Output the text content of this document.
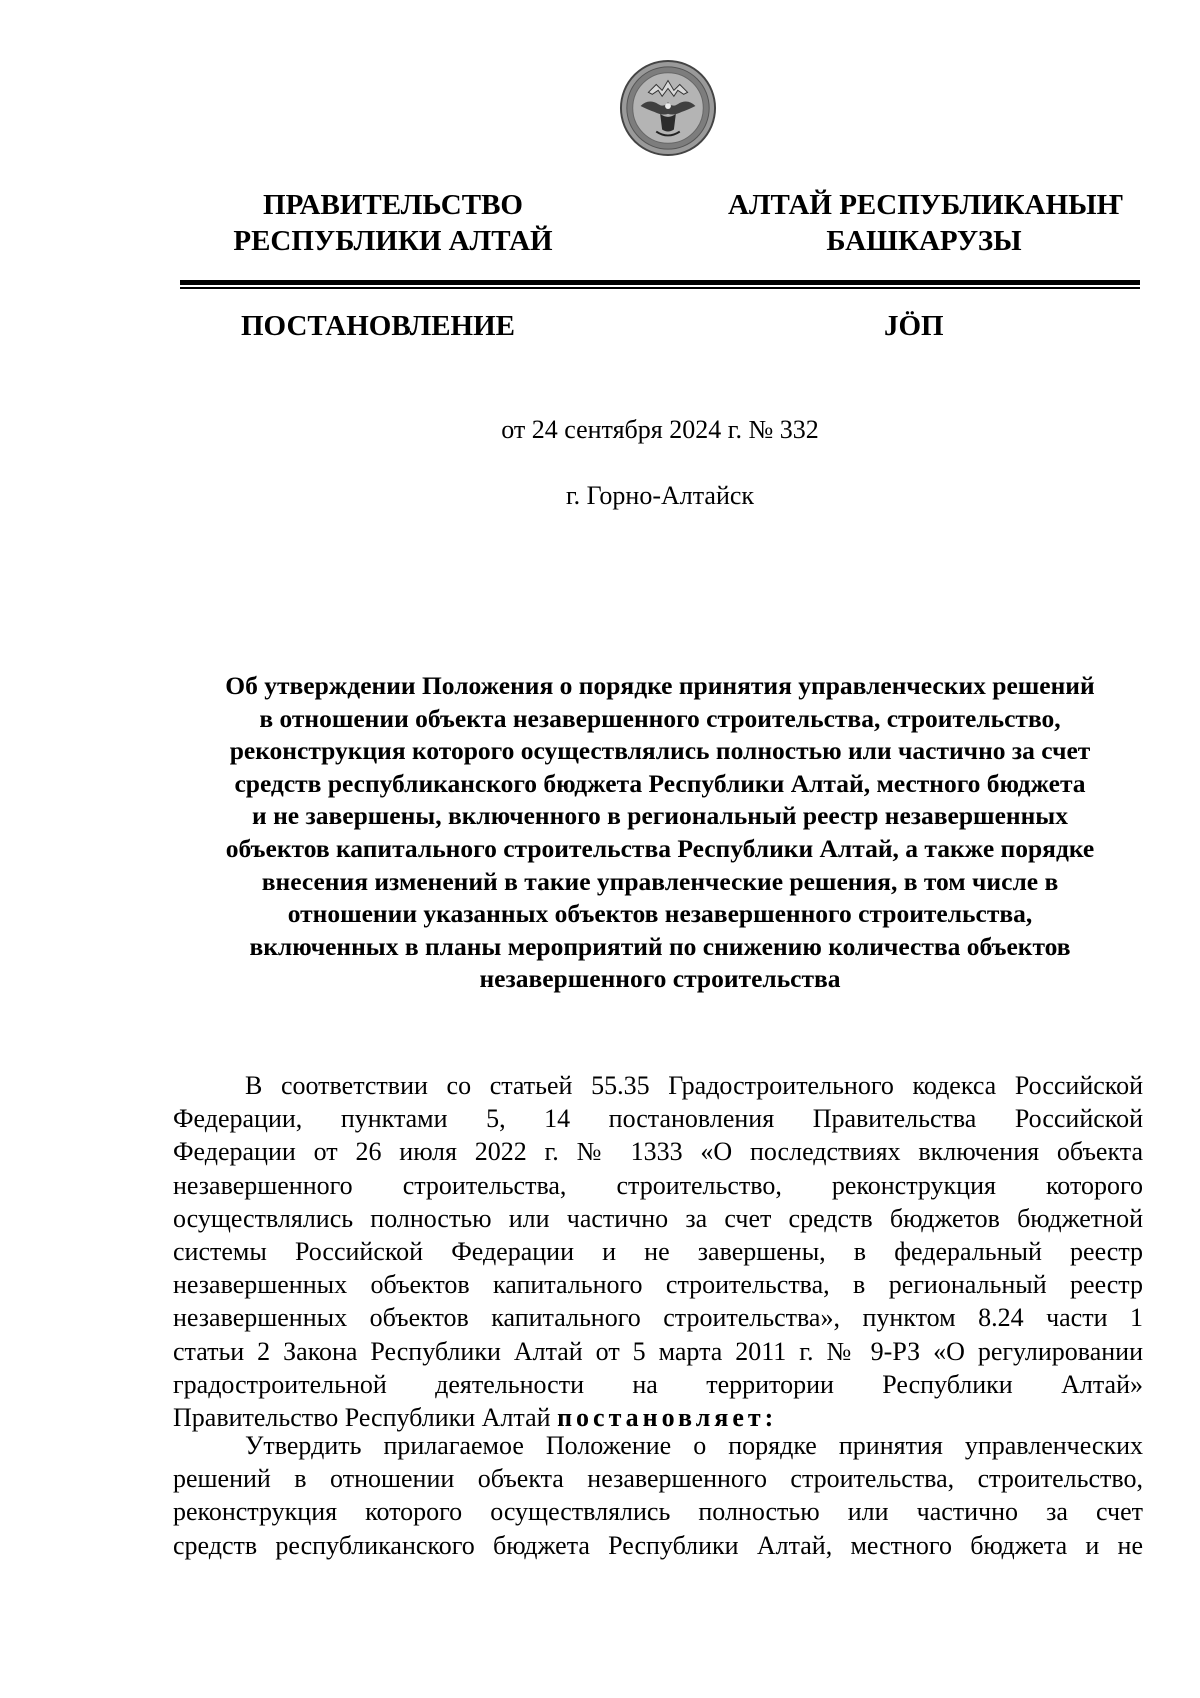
ПРАВИТЕЛЬСТВО
РЕСПУБЛИКИ АЛТАЙ
АЛТАЙ РЕСПУБЛИКАНЫҤ
БАШКАРУЗЫ
ПОСТАНОВЛЕНИЕ	JÖП
от 24 сентября 2024 г. № 332
г. Горно-Алтайск
Об утверждении Положения о порядке принятия управленческих решений
в отношении объекта незавершенного строительства, строительство,
реконструкция которого осуществлялись полностью или частично за счет
средств республиканского бюджета Республики Алтай, местного бюджета
и не завершены, включенного в региональный реестр незавершенных
объектов капитального строительства Республики Алтай, а также порядке
внесения изменений в такие управленческие решения, в том числе в
отношении указанных объектов незавершенного строительства,
включенных в планы мероприятий по снижению количества объектов
незавершенного строительства
В соответствии со статьей 55.35 Градостроительного кодекса Российской
Федерации, пунктами 5, 14 постановления Правительства Российской
Федерации от 26 июля 2022 г. № 1333 «О последствиях включения объекта
незавершенного строительства, строительство, реконструкция которого
осуществлялись полностью или частично за счет средств бюджетов бюджетной
системы Российской Федерации и не завершены, в федеральный реестр
незавершенных объектов капитального строительства, в региональный реестр
незавершенных объектов капитального строительства», пунктом 8.24 части 1
статьи 2 Закона Республики Алтай от 5 марта 2011 г. № 9-РЗ «О регулировании
градостроительной деятельности на территории Республики Алтай»
Правительство Республики Алтай постановляет:
Утвердить прилагаемое Положение о порядке принятия управленческих
решений в отношении объекта незавершенного строительства, строительство,
реконструкция которого осуществлялись полностью или частично за счет
средств республиканского бюджета Республики Алтай, местного бюджета и не
